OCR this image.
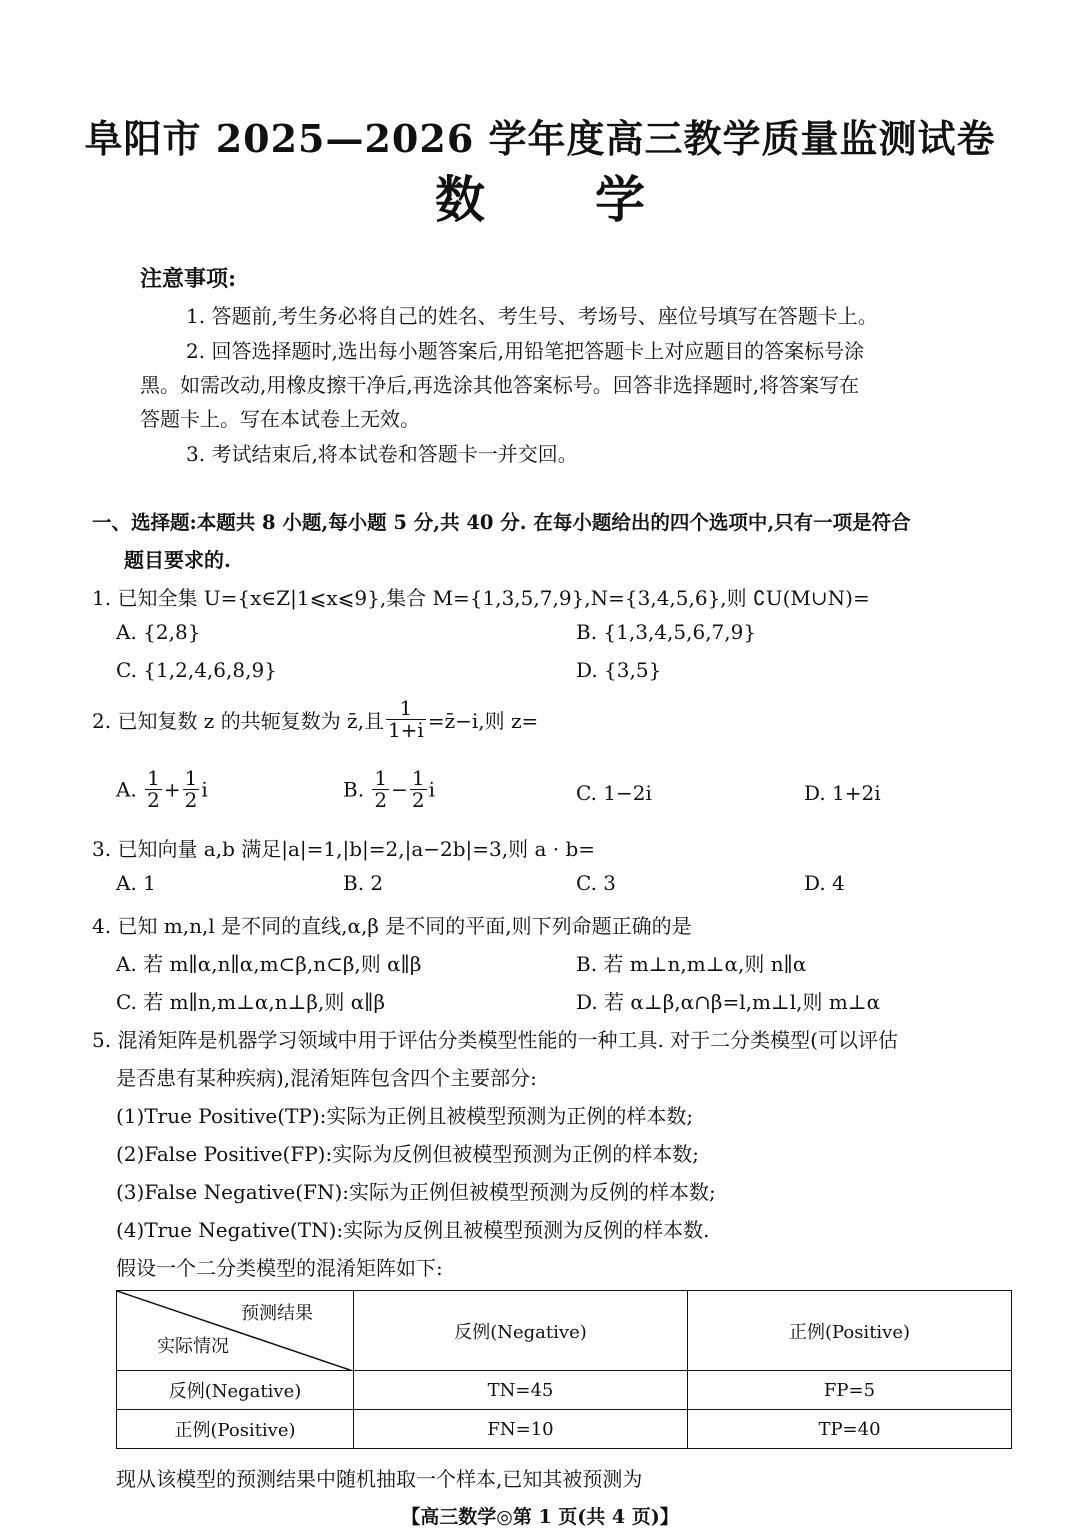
阜阳市 2025—2026 学年度高三教学质量监测试卷
数学
注意事项:
1. 答题前,考生务必将自己的姓名、考生号、考场号、座位号填写在答题卡上。
2. 回答选择题时,选出每小题答案后,用铅笔把答题卡上对应题目的答案标号涂
黑。如需改动,用橡皮擦干净后,再选涂其他答案标号。回答非选择题时,将答案写在
答题卡上。写在本试卷上无效。
3. 考试结束后,将本试卷和答题卡一并交回。
一、选择题:本题共 8 小题,每小题 5 分,共 40 分. 在每小题给出的四个选项中,只有一项是符合
题目要求的.
1. 已知全集 U={x∈Z|1⩽x⩽9},集合 M={1,3,5,7,9},N={3,4,5,6},则 ∁U(M∪N)=
A. {2,8}	B. {1,3,4,5,6,7,9}
C. {1,2,4,6,8,9}	D. {3,5}
2. 已知复数 z 的共轭复数为 z̄,且 $\frac{1}{1+i}$ =z̄−i,则 z=
A. $\frac{1}{2} + \frac{1}{2}$ i	B. $\frac{1}{2} - \frac{1}{2}$ i	C. 1−2i	D. 1+2i
3. 已知向量 a,b 满足|a|=1,|b|=2,|a−2b|=3,则 a · b=
A. 1	B. 2	C. 3	D. 4
4. 已知 m,n,l 是不同的直线,α,β 是不同的平面,则下列命题正确的是
A. 若 m∥α,n∥α,m⊂β,n⊂β,则 α∥β	B. 若 m⊥n,m⊥α,则 n∥α
C. 若 m∥n,m⊥α,n⊥β,则 α∥β	D. 若 α⊥β,α∩β=l,m⊥l,则 m⊥α
5. 混淆矩阵是机器学习领域中用于评估分类模型性能的一种工具. 对于二分类模型(可以评估
是否患有某种疾病),混淆矩阵包含四个主要部分:
(1)True Positive(TP):实际为正例且被模型预测为正例的样本数;
(2)False Positive(FP):实际为反例但被模型预测为正例的样本数;
(3)False Negative(FN):实际为正例但被模型预测为反例的样本数;
(4)True Negative(TN):实际为反例且被模型预测为反例的样本数.
假设一个二分类模型的混淆矩阵如下:
预测结果
实际情况	反例(Negative)	正例(Positive)
反例(Negative)	TN=45	FP=5
正例(Positive)	FN=10	TP=40
现从该模型的预测结果中随机抽取一个样本,已知其被预测为
【高三数学◎第 1 页(共 4 页)】
